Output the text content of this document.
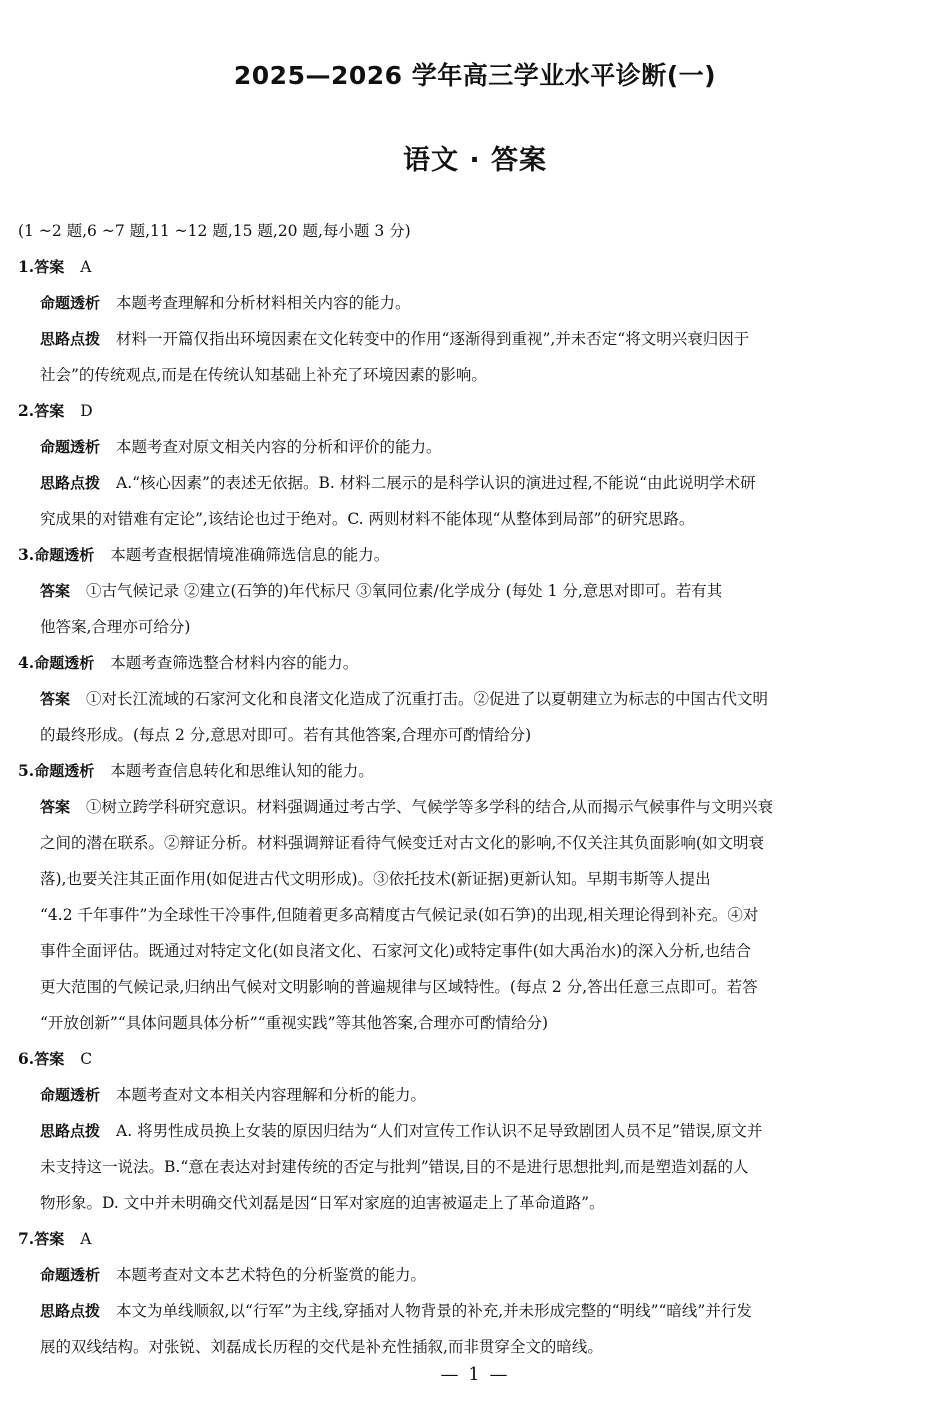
2025—2026 学年高三学业水平诊断(一)
语文 · 答案

(1 ~2 题,6 ~7 题,11 ~12 题,15 题,20 题,每小题 3 分)

1.答案 A

命题透析 本题考查理解和分析材料相关内容的能力。

思路点拨 材料一开篇仅指出环境因素在文化转变中的作用“逐渐得到重视”,并未否定“将文明兴衰归因于

社会”的传统观点,而是在传统认知基础上补充了环境因素的影响。

2.答案 D

命题透析 本题考查对原文相关内容的分析和评价的能力。

思路点拨 A.“核心因素”的表述无依据。B. 材料二展示的是科学认识的演进过程,不能说“由此说明学术研

究成果的对错难有定论”,该结论也过于绝对。C. 两则材料不能体现“从整体到局部”的研究思路。

3.命题透析 本题考查根据情境准确筛选信息的能力。

答案 ①古气候记录 ②建立(石笋的)年代标尺 ③氧同位素/化学成分 (每处 1 分,意思对即可。若有其

他答案,合理亦可给分)

4.命题透析 本题考查筛选整合材料内容的能力。

答案 ①对长江流域的石家河文化和良渚文化造成了沉重打击。②促进了以夏朝建立为标志的中国古代文明

的最终形成。(每点 2 分,意思对即可。若有其他答案,合理亦可酌情给分)

5.命题透析 本题考查信息转化和思维认知的能力。

答案 ①树立跨学科研究意识。材料强调通过考古学、气候学等多学科的结合,从而揭示气候事件与文明兴衰

之间的潜在联系。②辩证分析。材料强调辩证看待气候变迁对古文化的影响,不仅关注其负面影响(如文明衰

落),也要关注其正面作用(如促进古代文明形成)。③依托技术(新证据)更新认知。早期韦斯等人提出

“4.2 千年事件”为全球性干冷事件,但随着更多高精度古气候记录(如石笋)的出现,相关理论得到补充。④对

事件全面评估。既通过对特定文化(如良渚文化、石家河文化)或特定事件(如大禹治水)的深入分析,也结合

更大范围的气候记录,归纳出气候对文明影响的普遍规律与区域特性。(每点 2 分,答出任意三点即可。若答

“开放创新”“具体问题具体分析”“重视实践”等其他答案,合理亦可酌情给分)

6.答案 C

命题透析 本题考查对文本相关内容理解和分析的能力。

思路点拨 A. 将男性成员换上女装的原因归结为“人们对宣传工作认识不足导致剧团人员不足”错误,原文并

未支持这一说法。B.“意在表达对封建传统的否定与批判”错误,目的不是进行思想批判,而是塑造刘磊的人

物形象。D. 文中并未明确交代刘磊是因“日军对家庭的迫害被逼走上了革命道路”。

7.答案 A

命题透析 本题考查对文本艺术特色的分析鉴赏的能力。

思路点拨 本文为单线顺叙,以“行军”为主线,穿插对人物背景的补充,并未形成完整的“明线”“暗线”并行发

展的双线结构。对张锐、刘磊成长历程的交代是补充性插叙,而非贯穿全文的暗线。

— 1 —
